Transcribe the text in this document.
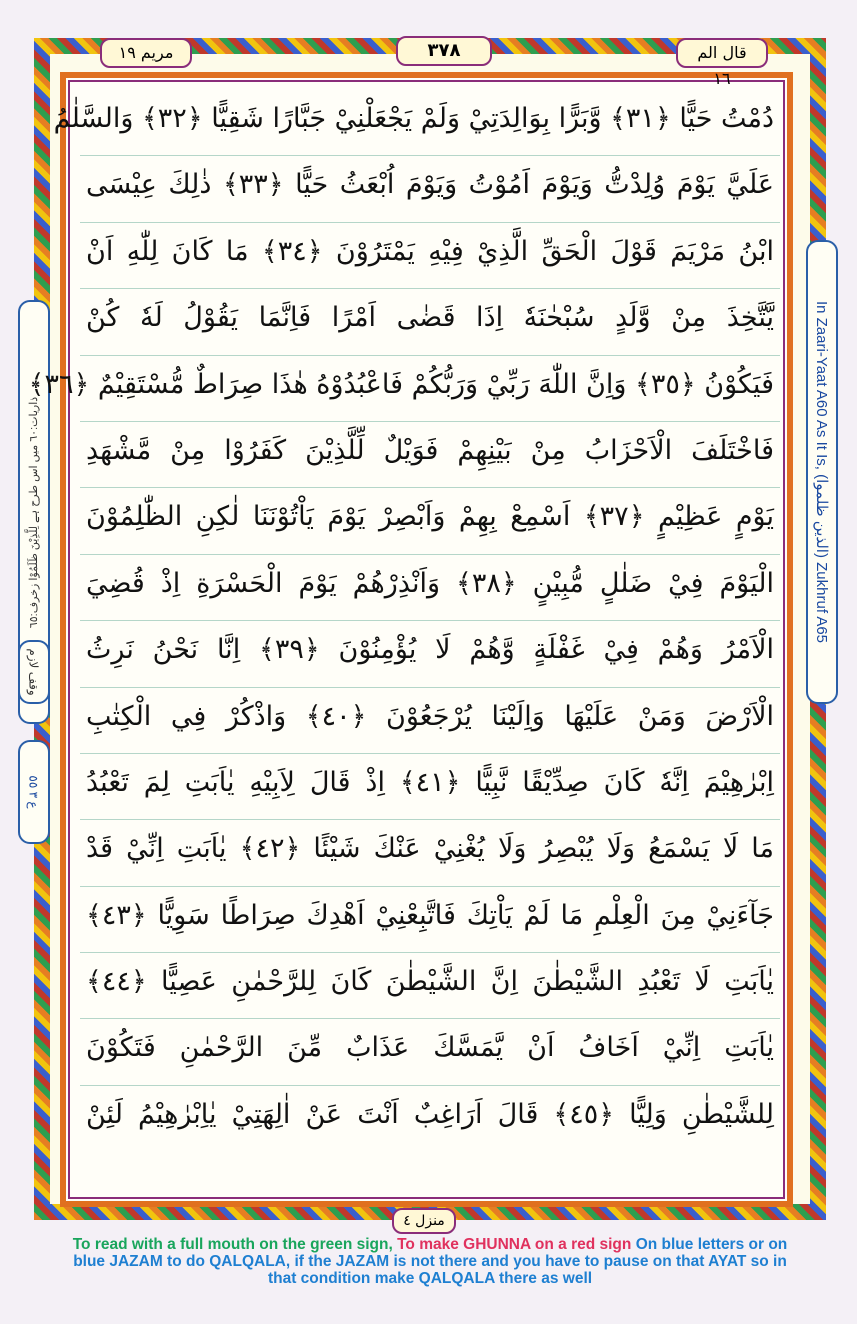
قال الم ١٦
٣٧٨
مريم ١٩
In Zaari-Yaat A60 As It Is, (الذين ظلموا) Zukhruf A65
ذاريات:٦٠ میں اس طرح ہے لِلَّذِيْنَ ظَلَمُوْا زخرف:٦٥
وقف لازم
ع ٣ ٥٥
دُمْتُ حَيًّا ﴿٣١﴾ وَّبَرًّا بِوَالِدَتِيْ وَلَمْ يَجْعَلْنِيْ جَبَّارًا شَقِيًّا ﴿٣٢﴾ وَالسَّلٰمُ
عَلَيَّ يَوْمَ وُلِدْتُّ وَيَوْمَ اَمُوْتُ وَيَوْمَ اُبْعَثُ حَيًّا ﴿٣٣﴾ ذٰلِكَ عِيْسَى
ابْنُ مَرْيَمَ قَوْلَ الْحَقِّ الَّذِيْ فِيْهِ يَمْتَرُوْنَ ﴿٣٤﴾ مَا كَانَ لِلّٰهِ اَنْ
يَّتَّخِذَ مِنْ وَّلَدٍ سُبْحٰنَهٗ اِذَا قَضٰى اَمْرًا فَاِنَّمَا يَقُوْلُ لَهٗ كُنْ
فَيَكُوْنُ ﴿٣٥﴾ وَاِنَّ اللّٰهَ رَبِّيْ وَرَبُّكُمْ فَاعْبُدُوْهُ هٰذَا صِرَاطٌ مُّسْتَقِيْمٌ ﴿٣٦﴾
فَاخْتَلَفَ الْاَحْزَابُ مِنْ بَيْنِهِمْ فَوَيْلٌ لِّلَّذِيْنَ كَفَرُوْا مِنْ مَّشْهَدِ
يَوْمٍ عَظِيْمٍ ﴿٣٧﴾ اَسْمِعْ بِهِمْ وَاَبْصِرْ يَوْمَ يَاْتُوْنَنَا لٰكِنِ الظّٰلِمُوْنَ
الْيَوْمَ فِيْ ضَلٰلٍ مُّبِيْنٍ ﴿٣٨﴾ وَاَنْذِرْهُمْ يَوْمَ الْحَسْرَةِ اِذْ قُضِيَ
الْاَمْرُ وَهُمْ فِيْ غَفْلَةٍ وَّهُمْ لَا يُؤْمِنُوْنَ ﴿٣٩﴾ اِنَّا نَحْنُ نَرِثُ
الْاَرْضَ وَمَنْ عَلَيْهَا وَاِلَيْنَا يُرْجَعُوْنَ ﴿٤٠﴾ وَاذْكُرْ فِي الْكِتٰبِ
اِبْرٰهِيْمَ اِنَّهٗ كَانَ صِدِّيْقًا نَّبِيًّا ﴿٤١﴾ اِذْ قَالَ لِاَبِيْهِ يٰاَبَتِ لِمَ تَعْبُدُ
مَا لَا يَسْمَعُ وَلَا يُبْصِرُ وَلَا يُغْنِيْ عَنْكَ شَيْئًا ﴿٤٢﴾ يٰاَبَتِ اِنِّيْ قَدْ
جَآءَنِيْ مِنَ الْعِلْمِ مَا لَمْ يَاْتِكَ فَاتَّبِعْنِيْ اَهْدِكَ صِرَاطًا سَوِيًّا ﴿٤٣﴾
يٰاَبَتِ لَا تَعْبُدِ الشَّيْطٰنَ اِنَّ الشَّيْطٰنَ كَانَ لِلرَّحْمٰنِ عَصِيًّا ﴿٤٤﴾
يٰاَبَتِ اِنِّيْ اَخَافُ اَنْ يَّمَسَّكَ عَذَابٌ مِّنَ الرَّحْمٰنِ فَتَكُوْنَ
لِلشَّيْطٰنِ وَلِيًّا ﴿٤٥﴾ قَالَ اَرَاغِبٌ اَنْتَ عَنْ اٰلِهَتِيْ يٰاِبْرٰهِيْمُ لَئِنْ
منزل ٤
To read with a full mouth on the green sign, To make GHUNNA on a red sign On blue letters or on blue JAZAM to do QALQALA, if the JAZAM is not there and you have to pause on that AYAT so in that condition make QALQALA there as well
